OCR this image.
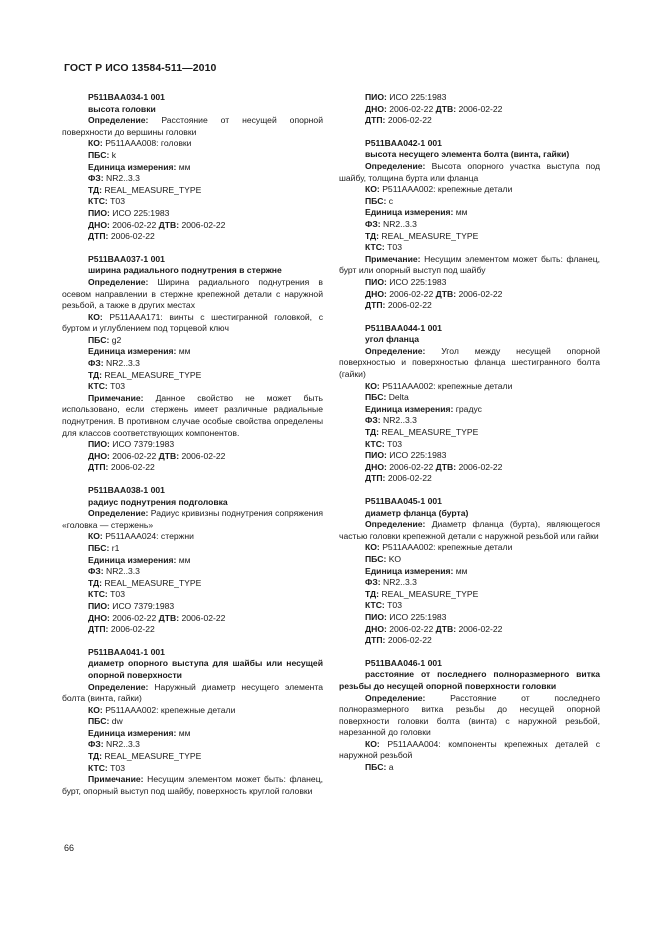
ГОСТ Р ИСО 13584-511—2010

P511BAA034-1 001

высота головки

Определение: Расстояние от несущей опорной поверхности до вершины головки

КО: P511AAA008: головки

ПБС: k

Единица измерения: мм

ФЗ: NR2..3.3

ТД: REAL_MEASURE_TYPE

КТС: T03

ПИО: ИСО 225:1983

ДНО: 2006-02-22 ДТВ: 2006-02-22

ДТП: 2006-02-22

P511BAA037-1 001

ширина радиального поднутрения в стержне

Определение: Ширина радиального поднутрения в осевом направлении в стержне крепежной детали с наружной резьбой, а также в других местах

КО: P511AAA171: винты с шестигранной головкой, с буртом и углублением под торцевой ключ

ПБС: g2

Единица измерения: мм

ФЗ: NR2..3.3

ТД: REAL_MEASURE_TYPE

КТС: T03

Примечание: Данное свойство не может быть использовано, если стержень имеет различные радиальные поднутрения. В противном случае особые свойства определены для классов соответствующих компонентов.

ПИО: ИСО 7379:1983

ДНО: 2006-02-22 ДТВ: 2006-02-22

ДТП: 2006-02-22

P511BAA038-1 001

радиус поднутрения подголовка

Определение: Радиус кривизны поднутрения сопряжения «головка — стержень»

КО: P511AAA024: стержни

ПБС: r1

Единица измерения: мм

ФЗ: NR2..3.3

ТД: REAL_MEASURE_TYPE

КТС: T03

ПИО: ИСО 7379:1983

ДНО: 2006-02-22 ДТВ: 2006-02-22

ДТП: 2006-02-22

P511BAA041-1 001

диаметр опорного выступа для шайбы или несущей опорной поверхности

Определение: Наружный диаметр несущего элемента болта (винта, гайки)

КО: P511AAA002: крепежные детали

ПБС: dw

Единица измерения: мм

ФЗ: NR2..3.3

ТД: REAL_MEASURE_TYPE

КТС: T03

Примечание: Несущим элементом может быть: фланец, бурт, опорный выступ под шайбу, поверхность круглой головки

ПИО: ИСО 225:1983

ДНО: 2006-02-22 ДТВ: 2006-02-22

ДТП: 2006-02-22

P511BAA042-1 001

высота несущего элемента болта (винта, гайки)

Определение: Высота опорного участка выступа под шайбу, толщина бурта или фланца

КО: P511AAA002: крепежные детали

ПБС: c

Единица измерения: мм

ФЗ: NR2..3.3

ТД: REAL_MEASURE_TYPE

КТС: T03

Примечание: Несущим элементом может быть: фланец, бурт или опорный выступ под шайбу

ПИО: ИСО 225:1983

ДНО: 2006-02-22 ДТВ: 2006-02-22

ДТП: 2006-02-22

P511BAA044-1 001

угол фланца

Определение: Угол между несущей опорной поверхностью и поверхностью фланца шестигранного болта (гайки)

КО: P511AAA002: крепежные детали

ПБС: Delta

Единица измерения: градус

ФЗ: NR2..3.3

ТД: REAL_MEASURE_TYPE

КТС: T03

ПИО: ИСО 225:1983

ДНО: 2006-02-22 ДТВ: 2006-02-22

ДТП: 2006-02-22

P511BAA045-1 001

диаметр фланца (бурта)

Определение: Диаметр фланца (бурта), являющегося частью головки крепежной детали с наружной резьбой или гайки

КО: P511AAA002: крепежные детали

ПБС: KO

Единица измерения: мм

ФЗ: NR2..3.3

ТД: REAL_MEASURE_TYPE

КТС: T03

ПИО: ИСО 225:1983

ДНО: 2006-02-22 ДТВ: 2006-02-22

ДТП: 2006-02-22

P511BAA046-1 001

расстояние от последнего полноразмерного витка резьбы до несущей опорной поверхности головки

Определение:	Расстояние от последнего полноразмерного витка резьбы до несущей опорной поверхности головки болта (винта) с наружной резьбой, нарезанной до головки

КО: P511AAA004: компоненты крепежных деталей с наружной резьбой

ПБС: a

66
